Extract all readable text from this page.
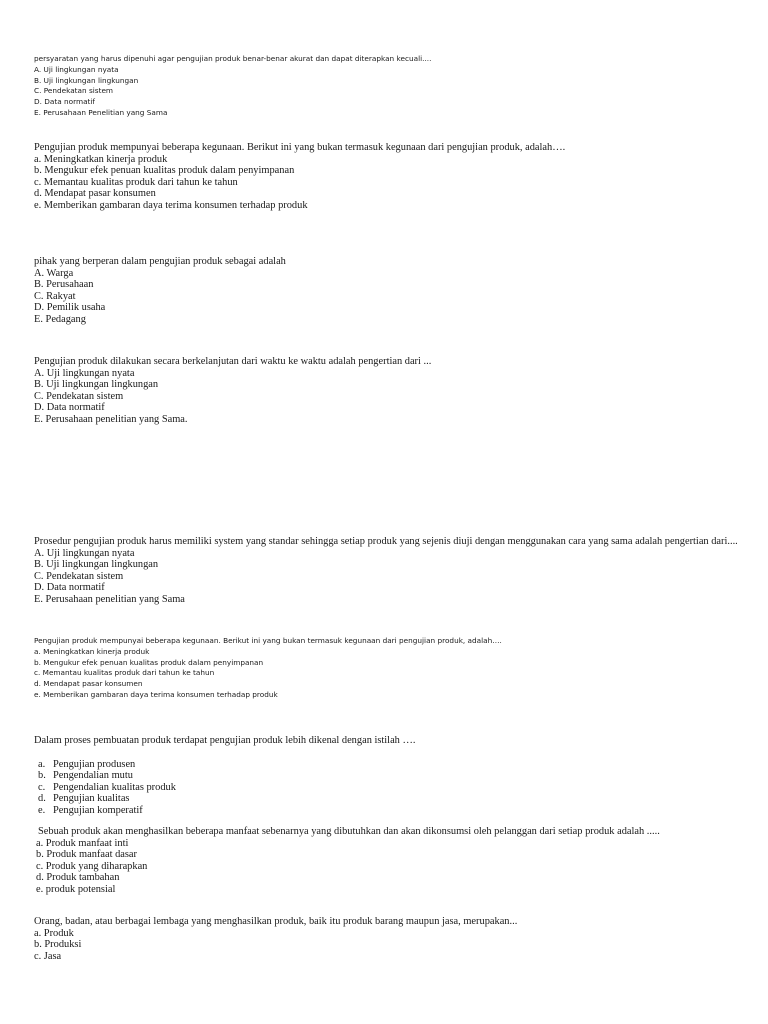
persyaratan yang harus dipenuhi agar pengujian produk benar-benar akurat dan dapat diterapkan kecuali....

A. Uji lingkungan nyata
B. Uji lingkungan lingkungan
C. Pendekatan sistem
D. Data normatif
E. Perusahaan Penelitian yang Sama

Pengujian produk mempunyai beberapa kegunaan. Berikut ini yang bukan termasuk kegunaan dari pengujian produk, adalah….

a. Meningkatkan kinerja produk
b. Mengukur efek penuan kualitas produk dalam penyimpanan
c. Memantau kualitas produk dari tahun ke tahun
d. Mendapat pasar konsumen
e. Memberikan gambaran daya terima konsumen terhadap produk

pihak yang berperan dalam pengujian produk sebagai adalah

A. Warga
B. Perusahaan
C. Rakyat
D. Pemilik usaha
E. Pedagang

Pengujian produk dilakukan secara berkelanjutan dari waktu ke waktu adalah pengertian dari ...

A. Uji lingkungan nyata
B. Uji lingkungan lingkungan
C. Pendekatan sistem
D. Data normatif
E. Perusahaan penelitian yang Sama.

Prosedur pengujian produk harus memiliki system yang standar sehingga setiap produk yang sejenis diuji dengan menggunakan cara yang sama adalah pengertian dari....

A. Uji lingkungan nyata
B. Uji lingkungan lingkungan
C. Pendekatan sistem
D. Data normatif
E. Perusahaan penelitian yang Sama

Pengujian produk mempunyai beberapa kegunaan. Berikut ini yang bukan termasuk kegunaan dari pengujian produk, adalah….

a. Meningkatkan kinerja produk
b. Mengukur efek penuan kualitas produk dalam penyimpanan
c. Memantau kualitas produk dari tahun ke tahun
d. Mendapat pasar konsumen
e. Memberikan gambaran daya terima konsumen terhadap produk

Dalam proses pembuatan produk terdapat pengujian produk lebih dikenal dengan istilah ….

a. Pengujian produsen
b. Pengendalian mutu
c. Pengendalian kualitas produk
d. Pengujian kualitas
e. Pengujian komperatif

Sebuah produk akan menghasilkan beberapa manfaat sebenarnya yang dibutuhkan dan akan dikonsumsi oleh pelanggan dari setiap produk adalah .....

a. Produk manfaat inti
b. Produk manfaat dasar
c. Produk yang diharapkan
d. Produk tambahan
e. produk potensial

Orang, badan, atau berbagai lembaga yang menghasilkan produk, baik itu produk barang maupun jasa, merupakan...

a. Produk
b. Produksi
c. Jasa
